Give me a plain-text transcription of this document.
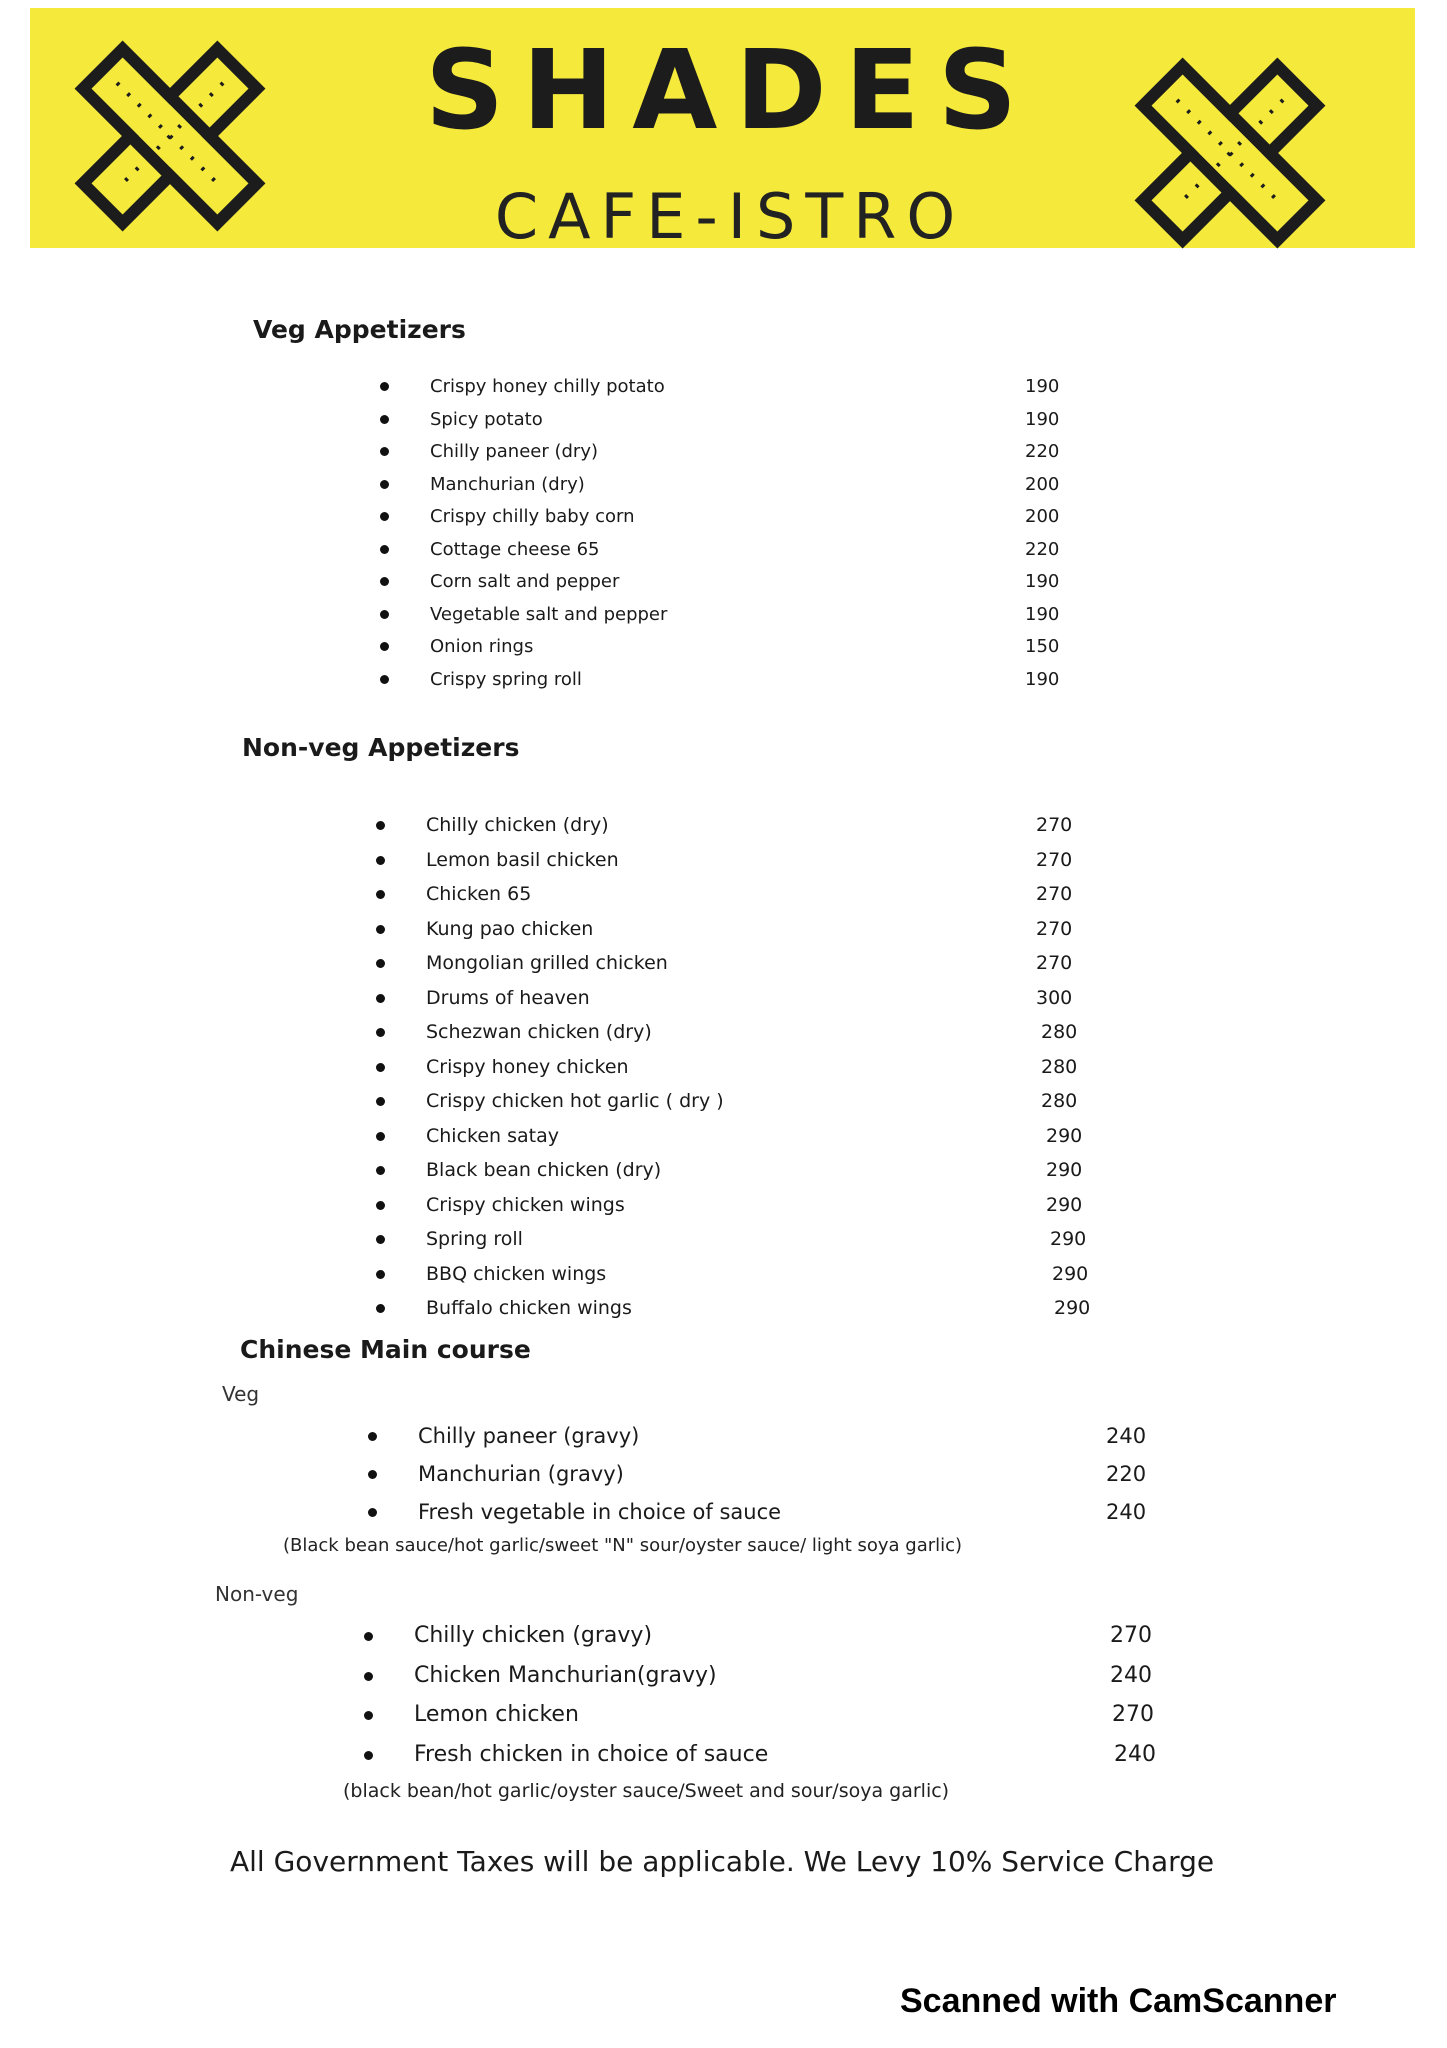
SHADES
CAFE-ISTRO
Veg Appetizers
Crispy honey chilly potato	190
Spicy potato	190
Chilly paneer (dry)	220
Manchurian (dry)	200
Crispy chilly baby corn	200
Cottage cheese 65	220
Corn salt and pepper	190
Vegetable salt and pepper	190
Onion rings	150
Crispy spring roll	190
Non-veg Appetizers
Chilly chicken (dry)	270
Lemon basil chicken	270
Chicken 65	270
Kung pao chicken	270
Mongolian grilled chicken	270
Drums of heaven	300
Schezwan chicken (dry)	280
Crispy honey chicken	280
Crispy chicken hot garlic ( dry )	280
Chicken satay	290
Black bean chicken (dry)	290
Crispy chicken wings	290
Spring roll	290
BBQ chicken wings	290
Buffalo chicken wings	290
Chinese Main course
Veg
Chilly paneer (gravy)	240
Manchurian (gravy)	220
Fresh vegetable in choice of sauce	240
(Black bean sauce/hot garlic/sweet "N" sour/oyster sauce/ light soya garlic)
Non-veg
Chilly chicken (gravy)	270
Chicken Manchurian(gravy)	240
Lemon chicken	270
Fresh chicken in choice of sauce	240
(black bean/hot garlic/oyster sauce/Sweet and sour/soya garlic)
All Government Taxes will be applicable. We Levy 10% Service Charge
Scanned with CamScanner
